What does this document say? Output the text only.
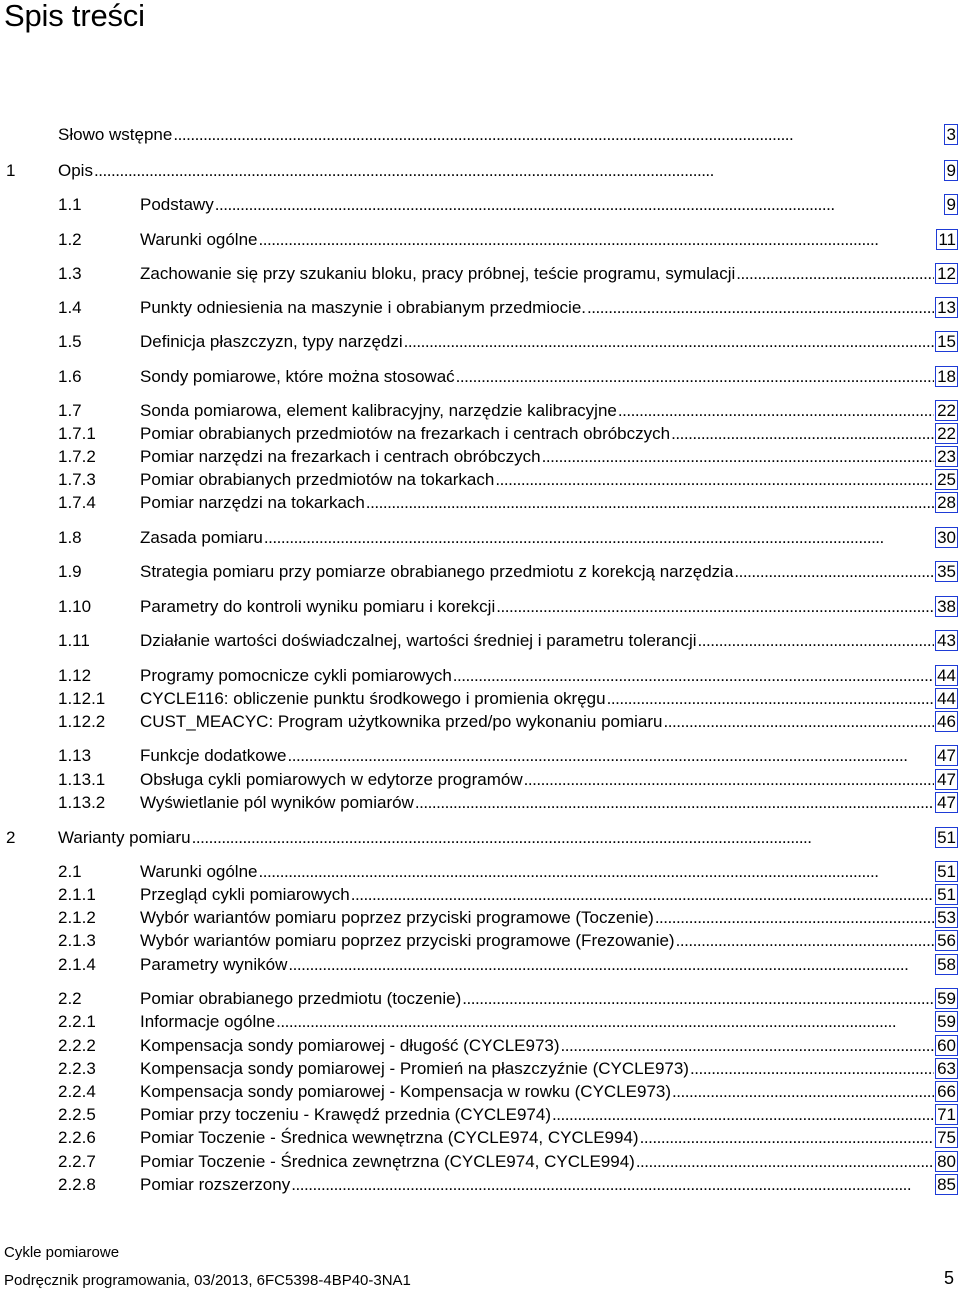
Spis treści
Słowo wstępne . . .	3
1	Opis . . .	9
1.1	Podstawy . . .	9
1.2	Warunki ogólne . . .	11
1.3	Zachowanie się przy szukaniu bloku, pracy próbnej, teście programu, symulacji . . .	12
1.4	Punkty odniesienia na maszynie i obrabianym przedmiocie. . . .	13
1.5	Definicja płaszczyzn, typy narzędzi . . .	15
1.6	Sondy pomiarowe, które można stosować . . .	18
1.7	Sonda pomiarowa, element kalibracyjny, narzędzie kalibracyjne . . .	22
1.7.1	Pomiar obrabianych przedmiotów na frezarkach i centrach obróbczych . . .	22
1.7.2	Pomiar narzędzi na frezarkach i centrach obróbczych . . .	23
1.7.3	Pomiar obrabianych przedmiotów na tokarkach . . .	25
1.7.4	Pomiar narzędzi na tokarkach . . .	28
1.8	Zasada pomiaru . . .	30
1.9	Strategia pomiaru przy pomiarze obrabianego przedmiotu z korekcją narzędzia . . .	35
1.10	Parametry do kontroli wyniku pomiaru i korekcji . . .	38
1.11	Działanie wartości doświadczalnej, wartości średniej i parametru tolerancji . . .	43
1.12	Programy pomocnicze cykli pomiarowych . . .	44
1.12.1 CYCLE116: obliczenie punktu środkowego i promienia okręgu . . .	44
1.12.2 CUST_MEACYC: Program użytkownika przed/po wykonaniu pomiaru . . .	46
1.13	Funkcje dodatkowe . . .	47
1.13.1 Obsługa cykli pomiarowych w edytorze programów . . .	47
1.13.2 Wyświetlanie pól wyników pomiarów . . .	47
2	Warianty pomiaru . . .	51
2.1	Warunki ogólne . . .	51
2.1.1	Przegląd cykli pomiarowych . . .	51
2.1.2	Wybór wariantów pomiaru poprzez przyciski programowe (Toczenie) . . .	53
2.1.3	Wybór wariantów pomiaru poprzez przyciski programowe (Frezowanie) . . .	56
2.1.4	Parametry wyników . . .	58
2.2	Pomiar obrabianego przedmiotu (toczenie) . . .	59
2.2.1	Informacje ogólne . . .	59
2.2.2	Kompensacja sondy pomiarowej - długość (CYCLE973) . . .	60
2.2.3	Kompensacja sondy pomiarowej - Promień na płaszczyźnie (CYCLE973) . . .	63
2.2.4	Kompensacja sondy pomiarowej - Kompensacja w rowku (CYCLE973) . . .	66
2.2.5	Pomiar przy toczeniu - Krawędź przednia (CYCLE974) . . .	71
2.2.6	Pomiar Toczenie - Średnica wewnętrzna (CYCLE974, CYCLE994) . . .	75
2.2.7	Pomiar Toczenie - Średnica zewnętrzna (CYCLE974, CYCLE994) . . .	80
2.2.8	Pomiar rozszerzony . . .	85
Cykle pomiarowe
Podręcznik programowania, 03/2013, 6FC5398-4BP40-3NA1	5
